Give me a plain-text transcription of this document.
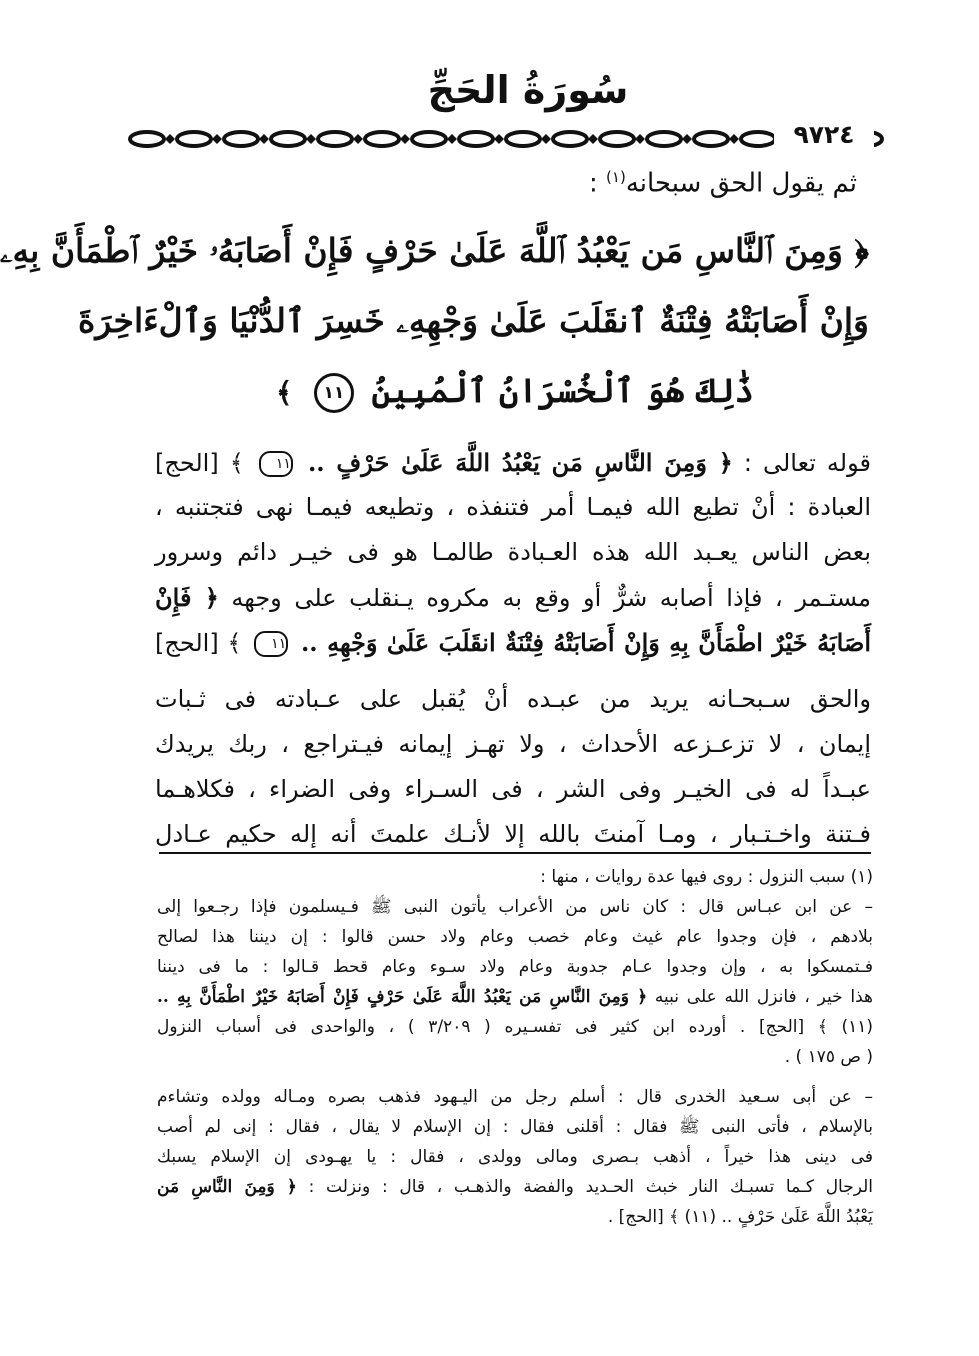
سُورَةُ الحَجِّ
٩٧٢٤
ثم يقول الحق سبحانه$^{(١)}$ :
﴿ وَمِنَ ٱلنَّاسِ مَن يَعْبُدُ ٱللَّهَ عَلَىٰ حَرْفٍ فَإِنْ أَصَابَهُۥ خَيْرٌ ٱطْمَأَنَّ بِهِۦ
وَإِنْ أَصَابَتْهُ فِتْنَةٌ ٱنقَلَبَ عَلَىٰ وَجْهِهِۦ خَسِرَ ٱلدُّنْيَا وَٱلْءَاخِرَةَ
ذَٰلِكَ هُوَ ٱلْخُسْرَانُ ٱلْمُبِينُ ١١ ﴾
قوله تعالى : ﴿ وَمِنَ النَّاسِ مَن يَعْبُدُ اللَّهَ عَلَىٰ حَرْفٍ .. ١١ ﴾ [الحج]
العبادة : أنْ تطيع الله فيمـا أمر فتنفذه ، وتطيعه فيمـا نهى فتجتنبه ،
بعض الناس يعـبد الله هذه العـبادة طالمـا هو فى خيـر دائم وسرور
مستـمر ، فإذا أصابه شرٌّ أو وقع به مكروه يـنقلب على وجهه ﴿ فَإِنْ
أَصَابَهُ خَيْرٌ اطْمَأَنَّ بِهِ وَإِنْ أَصَابَتْهُ فِتْنَةٌ انقَلَبَ عَلَىٰ وَجْهِهِ .. ١١ ﴾ [الحج]
والحق سـبحـانه يريد من عبـده أنْ يُقبل على عـبادته فى ثـبات
إيمان ، لا تزعـزعه الأحداث ، ولا تهـز إيمانه فيـتراجع ، ربك يريدك
عبـداً له فى الخيـر وفى الشر ، فى السـراء وفى الضراء ، فكلاهـما
فـتنة واخـتـبار ، ومـا آمنتَ بالله إلا لأنـك علمتَ أنه إله حكيم عـادل
(١) سبب النزول : روى فيها عدة روايات ، منها :
– عن ابن عبـاس قال : كان ناس من الأعراب يأتون النبى ﷺ فـيسلمون فإذا رجـعوا إلى
بلادهم ، فإن وجدوا عام غيث وعام خصب وعام ولاد حسن قالوا : إن ديننا هذا لصالح
فـتمسكوا به ، وإن وجدوا عـام جدوبة وعام ولاد سـوء وعام قحط قـالوا : ما فى ديننا
هذا خير ، فانزل الله على نبيه ﴿ وَمِنَ النَّاسِ مَن يَعْبُدُ اللَّهَ عَلَىٰ حَرْفٍ فَإِنْ أَصَابَهُ خَيْرٌ اطْمَأَنَّ بِهِ ..
(١١) ﴾ [الحج] . أورده ابن كثير فى تفسـيره ( ٣/٢٠٩ ) ، والواحدى فى أسباب النزول
( ص ١٧٥ ) .
– عن أبى سـعيد الخدرى قال : أسلم رجل من اليـهود فذهب بصره ومـاله وولده وتشاءم
بالإسلام ، فأتى النبى ﷺ فقال : أقلنى فقال : إن الإسلام لا يقال ، فقال : إنى لم أصب
فى دينى هذا خيراً ، أذهب بـصرى ومالى وولدى ، فقال : يا يهـودى إن الإسلام يسبك
الرجال كـما تسبـك النار خبث الحـديد والفضة والذهـب ، قال : ونزلت : ﴿ وَمِنَ النَّاسِ مَن
يَعْبُدُ اللَّهَ عَلَىٰ حَرْفٍ .. (١١) ﴾ [الحج] .
